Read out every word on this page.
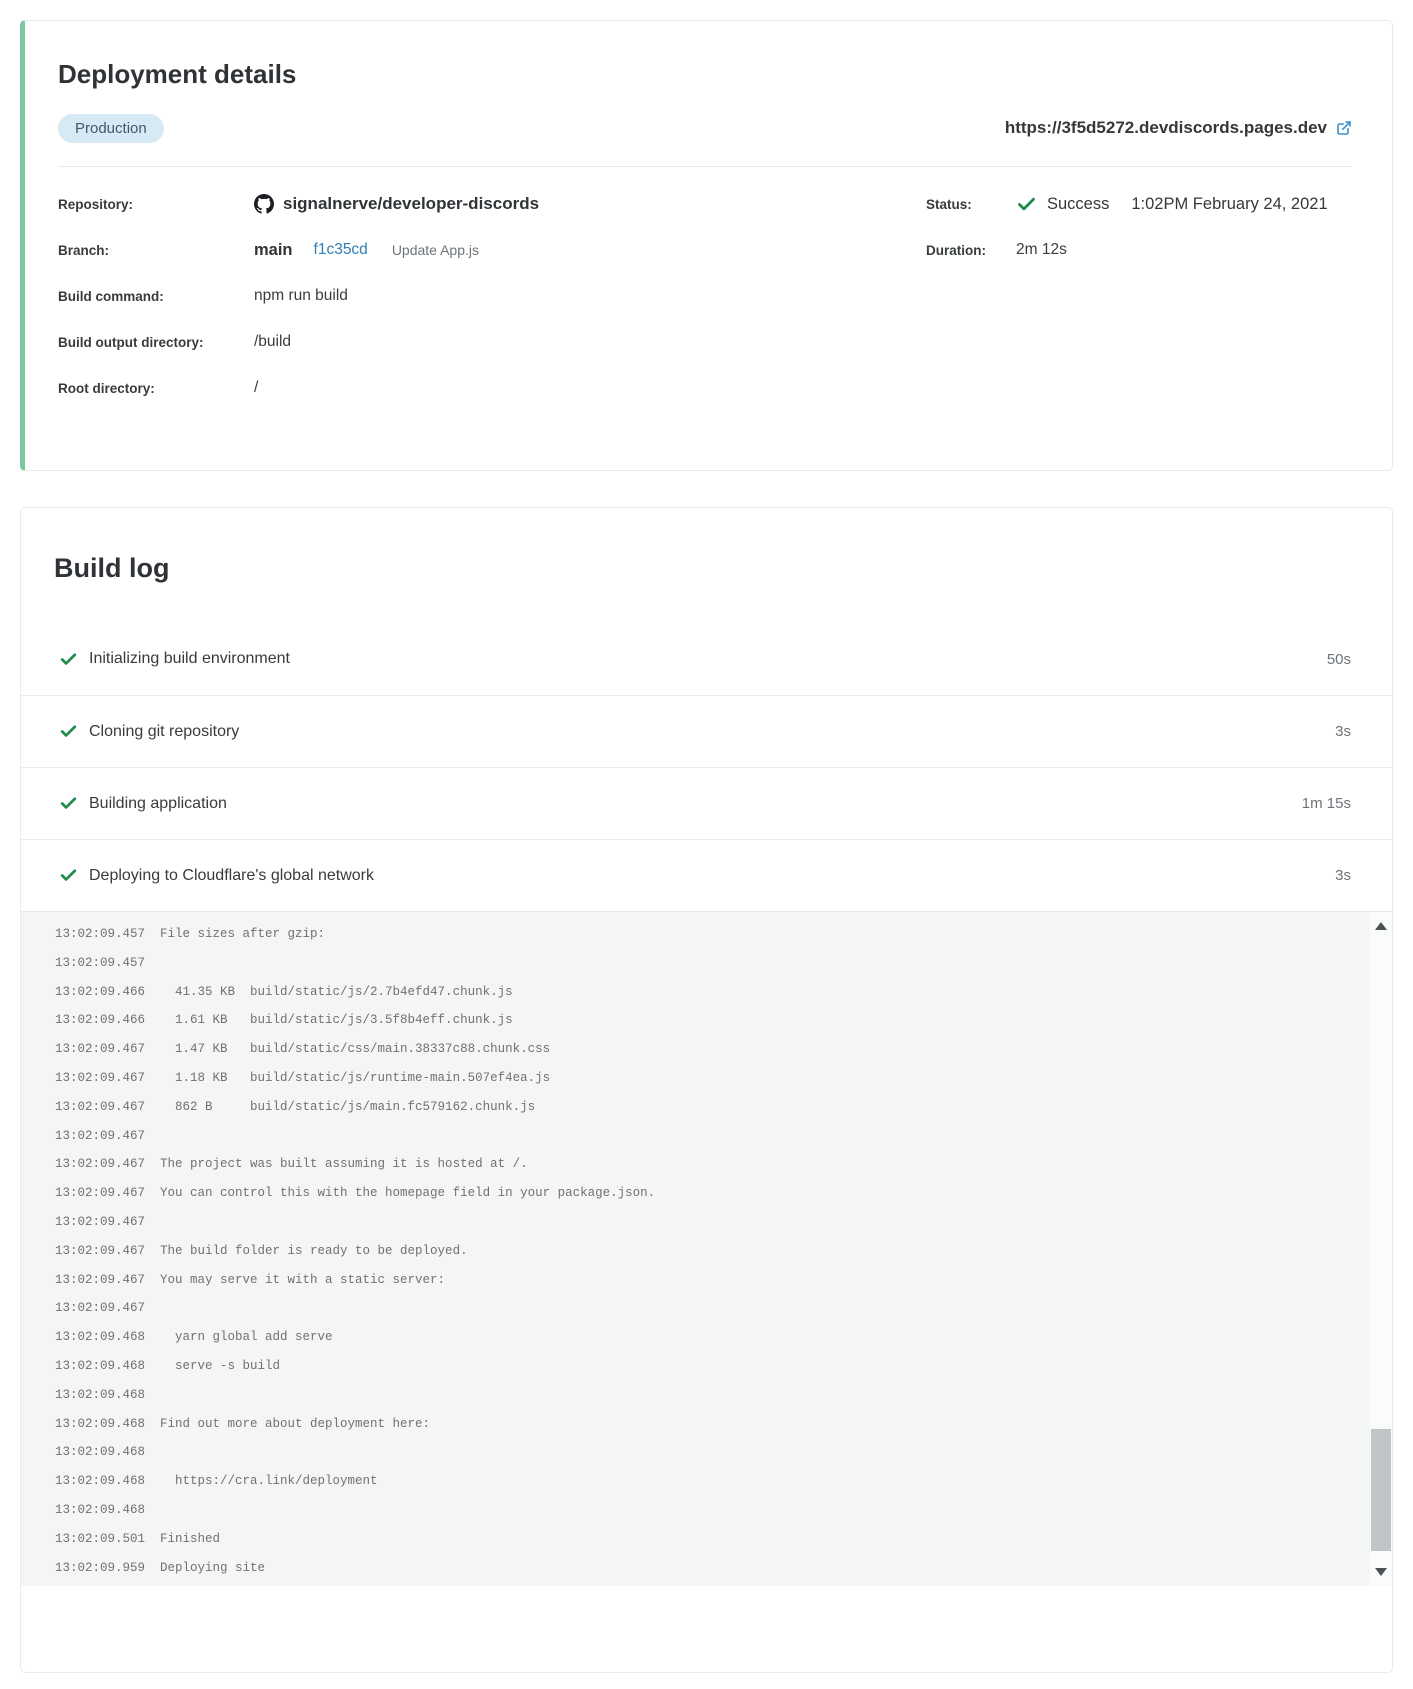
Deployment details
Production	https://3f5d5272.devdiscords.pages.dev
Repository:	signalnerve/developer-discords
Branch:	main f1c35cd Update App.js
Build command:	npm run build
Build output directory:	/build
Root directory:	/
Status:	Success 1:02PM February 24, 2021
Duration:	2m 12s
Build log
Initializing build environment	50s
Cloning git repository	3s
Building application	1m 15s
Deploying to Cloudflare's global network	3s
13:02:09.457 File sizes after gzip:
13:02:09.457
13:02:09.466  41.35 KB  build/static/js/2.7b4efd47.chunk.js
13:02:09.466  1.61 KB   build/static/js/3.5f8b4eff.chunk.js
13:02:09.467  1.47 KB   build/static/css/main.38337c88.chunk.css
13:02:09.467  1.18 KB   build/static/js/runtime-main.507ef4ea.js
13:02:09.467  862 B     build/static/js/main.fc579162.chunk.js
13:02:09.467
13:02:09.467 The project was built assuming it is hosted at /.
13:02:09.467 You can control this with the homepage field in your package.json.
13:02:09.467
13:02:09.467 The build folder is ready to be deployed.
13:02:09.467 You may serve it with a static server:
13:02:09.467
13:02:09.468  yarn global add serve
13:02:09.468  serve -s build
13:02:09.468
13:02:09.468 Find out more about deployment here:
13:02:09.468
13:02:09.468  https://cra.link/deployment
13:02:09.468
13:02:09.501 Finished
13:02:09.959 Deploying site
